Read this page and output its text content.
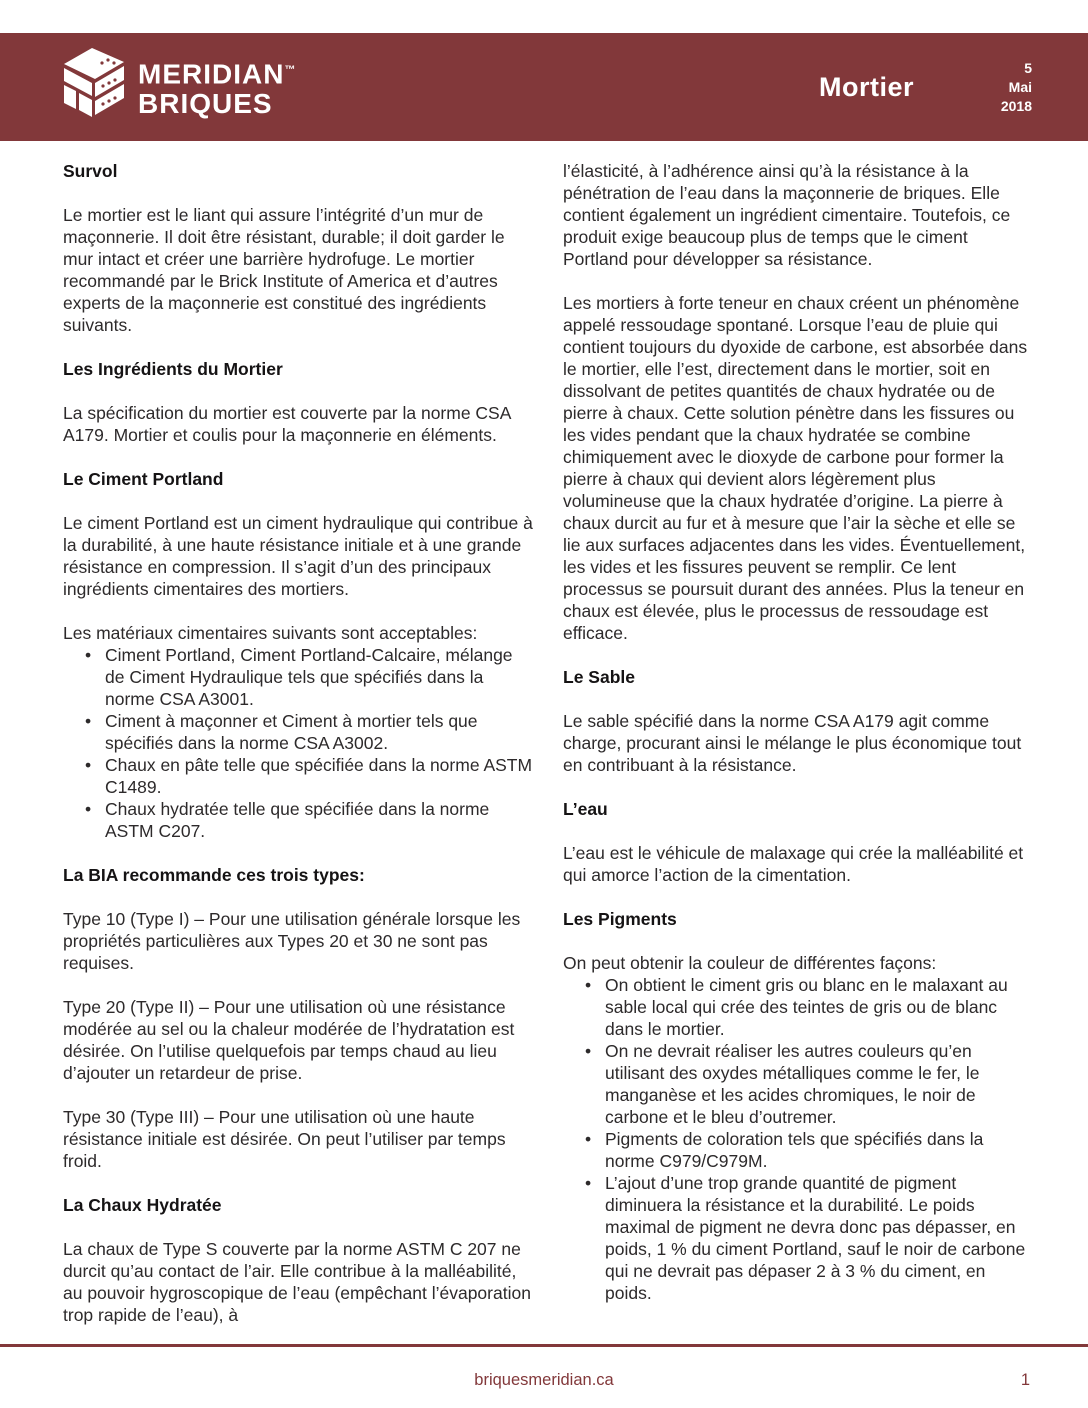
MERIDIAN™
BRIQUES
Mortier
5
Mai
2018
Survol

Le mortier est le liant qui assure l’intégrité d’un mur de maçonnerie. Il doit être résistant, durable; il doit garder le mur intact et créer une barrière hydrofuge. Le mortier recommandé par le Brick Institute of America et d’autres experts de la maçonnerie est constitué des ingrédients suivants.

Les Ingrédients du Mortier

La spécification du mortier est couverte par la norme CSA A179. Mortier et coulis pour la maçonnerie en éléments.

Le Ciment Portland

Le ciment Portland est un ciment hydraulique qui contribue à la durabilité, à une haute résistance initiale et à une grande résistance en compression. Il s’agit d’un des principaux ingrédients cimentaires des mortiers.

Les matériaux cimentaires suivants sont acceptables:

• Ciment Portland, Ciment Portland-Calcaire, mélange de Ciment Hydraulique tels que spécifiés dans la norme CSA A3001.
• Ciment à maçonner et Ciment à mortier tels que spécifiés dans la norme CSA A3002.
• Chaux en pâte telle que spécifiée dans la norme ASTM C1489.
• Chaux hydratée telle que spécifiée dans la norme ASTM C207.
La BIA recommande ces trois types:

Type 10 (Type I) – Pour une utilisation générale lorsque les propriétés particulières aux Types 20 et 30 ne sont pas requises.

Type 20 (Type II) – Pour une utilisation où une résistance modérée au sel ou la chaleur modérée de l’hydratation est désirée. On l’utilise quelquefois par temps chaud au lieu d’ajouter un retardeur de prise.

Type 30 (Type III) – Pour une utilisation où une haute résistance initiale est désirée. On peut l’utiliser par temps froid.

La Chaux Hydratée

La chaux de Type S couverte par la norme ASTM C 207 ne durcit qu’au contact de l’air. Elle contribue à la malléabilité, au pouvoir hygroscopique de l’eau (empêchant l’évaporation trop rapide de l’eau), à

l’élasticité, à l’adhérence ainsi qu’à la résistance à la pénétration de l’eau dans la maçonnerie de briques. Elle contient également un ingrédient cimentaire. Toutefois, ce produit exige beaucoup plus de temps que le ciment Portland pour développer sa résistance.

Les mortiers à forte teneur en chaux créent un phénomène appelé ressoudage spontané. Lorsque l’eau de pluie qui contient toujours du dyoxide de carbone, est absorbée dans le mortier, elle l’est, directement dans le mortier, soit en dissolvant de petites quantités de chaux hydratée ou de pierre à chaux. Cette solution pénètre dans les fissures ou les vides pendant que la chaux hydratée se combine chimiquement avec le dioxyde de carbone pour former la pierre à chaux qui devient alors légèrement plus volumineuse que la chaux hydratée d’origine. La pierre à chaux durcit au fur et à mesure que l’air la sèche et elle se lie aux surfaces adjacentes dans les vides. Éventuellement, les vides et les fissures peuvent se remplir. Ce lent processus se poursuit durant des années. Plus la teneur en chaux est élevée, plus le processus de ressoudage est efficace.

Le Sable

Le sable spécifié dans la norme CSA A179 agit comme charge, procurant ainsi le mélange le plus économique tout en contribuant à la résistance.

L’eau

L’eau est le véhicule de malaxage qui crée la malléabilité et qui amorce l’action de la cimentation.

Les Pigments

On peut obtenir la couleur de différentes façons:

• On obtient le ciment gris ou blanc en le malaxant au sable local qui crée des teintes de gris ou de blanc dans le mortier.
• On ne devrait réaliser les autres couleurs qu’en utilisant des oxydes métalliques comme le fer, le manganèse et les acides chromiques, le noir de carbone et le bleu d’outremer.
• Pigments de coloration tels que spécifiés dans la norme C979/C979M.
• L’ajout d’une trop grande quantité de pigment diminuera la résistance et la durabilité. Le poids maximal de pigment ne devra donc pas dépasser, en poids, 1 % du ciment Portland, sauf le noir de carbone qui ne devrait pas dépaser 2 à 3 % du ciment, en poids.
briquesmeridian.ca	1
